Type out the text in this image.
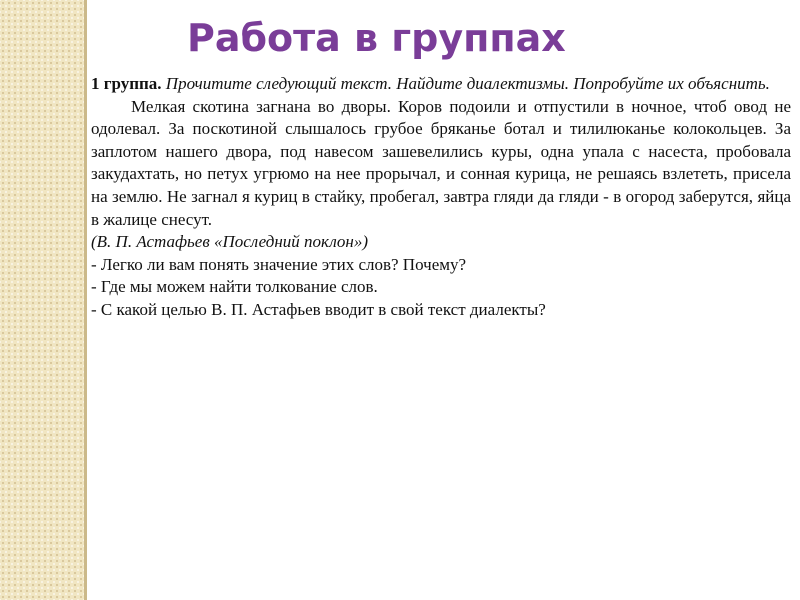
Работа в группах

1 группа. Прочитите следующий текст. Найдите диалектизмы. Попробуйте их объяснить.

Мелкая скотина загнана во дворы. Коров подоили и отпустили в ночное, чтоб овод не одолевал. За поскотиной слышалось грубое бряканье ботал и тилилюканье колокольцев. За заплотом нашего двора, под навесом зашевелились куры, одна упала с насеста, пробовала закудахтать, но петух угрюмо на нее прорычал, и сонная курица, не решаясь взлететь, присела на землю. Не загнал я куриц в стайку, пробегал, завтра гляди да гляди - в огород заберутся, яйца в жалице снесут.

(В. П. Астафьев «Последний поклон»)

- Легко ли вам понять значение этих слов? Почему?

- Где мы можем найти толкование слов.

- С какой целью В. П. Астафьев вводит в свой текст диалекты?
